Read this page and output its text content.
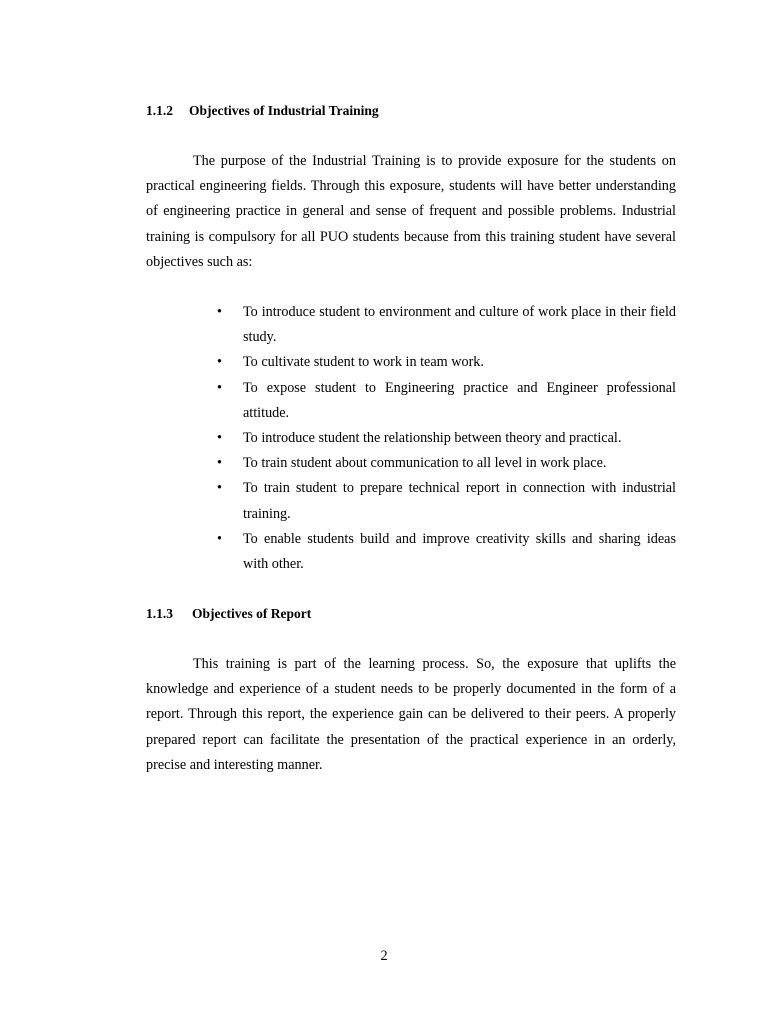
1.1.2 Objectives of Industrial Training

The purpose of the Industrial Training is to provide exposure for the students on practical engineering fields. Through this exposure, students will have better understanding of engineering practice in general and sense of frequent and possible problems. Industrial training is compulsory for all PUO students because from this training student have several objectives such as:

• To introduce student to environment and culture of work place in their field study.
• To cultivate student to work in team work.
• To expose student to Engineering practice and Engineer professional attitude.
• To introduce student the relationship between theory and practical.
• To train student about communication to all level in work place.
• To train student to prepare technical report in connection with industrial training.
• To enable students build and improve creativity skills and sharing ideas with other.
1.1.3 Objectives of Report

This training is part of the learning process. So, the exposure that uplifts the knowledge and experience of a student needs to be properly documented in the form of a report. Through this report, the experience gain can be delivered to their peers. A properly prepared report can facilitate the presentation of the practical experience in an orderly, precise and interesting manner.

2
